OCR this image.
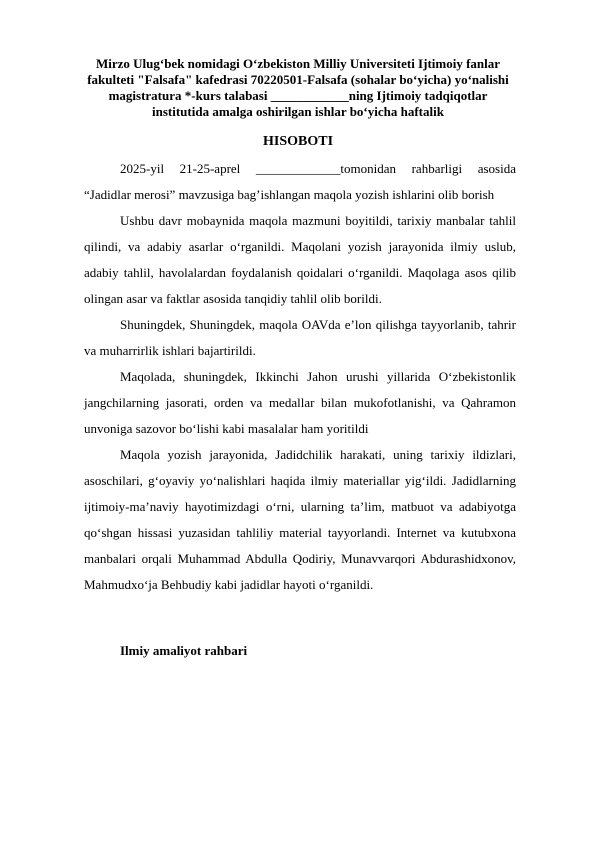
Mirzo Ulug‘bek nomidagi O‘zbekiston Milliy Universiteti Ijtimoiy fanlar fakulteti "Falsafa" kafedrasi 70220501-Falsafa (sohalar bo‘yicha) yo‘nalishi magistratura *-kurs talabasi ____________ning Ijtimoiy tadqiqotlar institutida amalga oshirilgan ishlar bo‘yicha haftalik
HISOBOTI

2025-yil 21-25-aprel _____________tomonidan rahbarligi asosida “Jadidlar merosi” mavzusiga bag’ishlangan maqola yozish ishlarini olib borish

Ushbu davr mobaynida maqola mazmuni boyitildi, tarixiy manbalar tahlil qilindi, va adabiy asarlar o‘rganildi. Maqolani yozish jarayonida ilmiy uslub, adabiy tahlil, havolalardan foydalanish qoidalari o‘rganildi. Maqolaga asos qilib olingan asar va faktlar asosida tanqidiy tahlil olib borildi.

Shuningdek, Shuningdek, maqola OAVda e’lon qilishga tayyorlanib, tahrir va muharrirlik ishlari bajartirildi.

Maqolada, shuningdek, Ikkinchi Jahon urushi yillarida O‘zbekistonlik jangchilarning jasorati, orden va medallar bilan mukofotlanishi, va Qahramon unvoniga sazovor bo‘lishi kabi masalalar ham yoritildi

Maqola yozish jarayonida, Jadidchilik harakati, uning tarixiy ildizlari, asoschilari, g‘oyaviy yo‘nalishlari haqida ilmiy materiallar yig‘ildi. Jadidlarning ijtimoiy-ma’naviy hayotimizdagi o‘rni, ularning ta’lim, matbuot va adabiyotga qo‘shgan hissasi yuzasidan tahliliy material tayyorlandi. Internet va kutubxona manbalari orqali Muhammad Abdulla Qodiriy, Munavvarqori Abdurashidxonov, Mahmudxo‘ja Behbudiy kabi jadidlar hayoti o‘rganildi.

Ilmiy amaliyot rahbari
